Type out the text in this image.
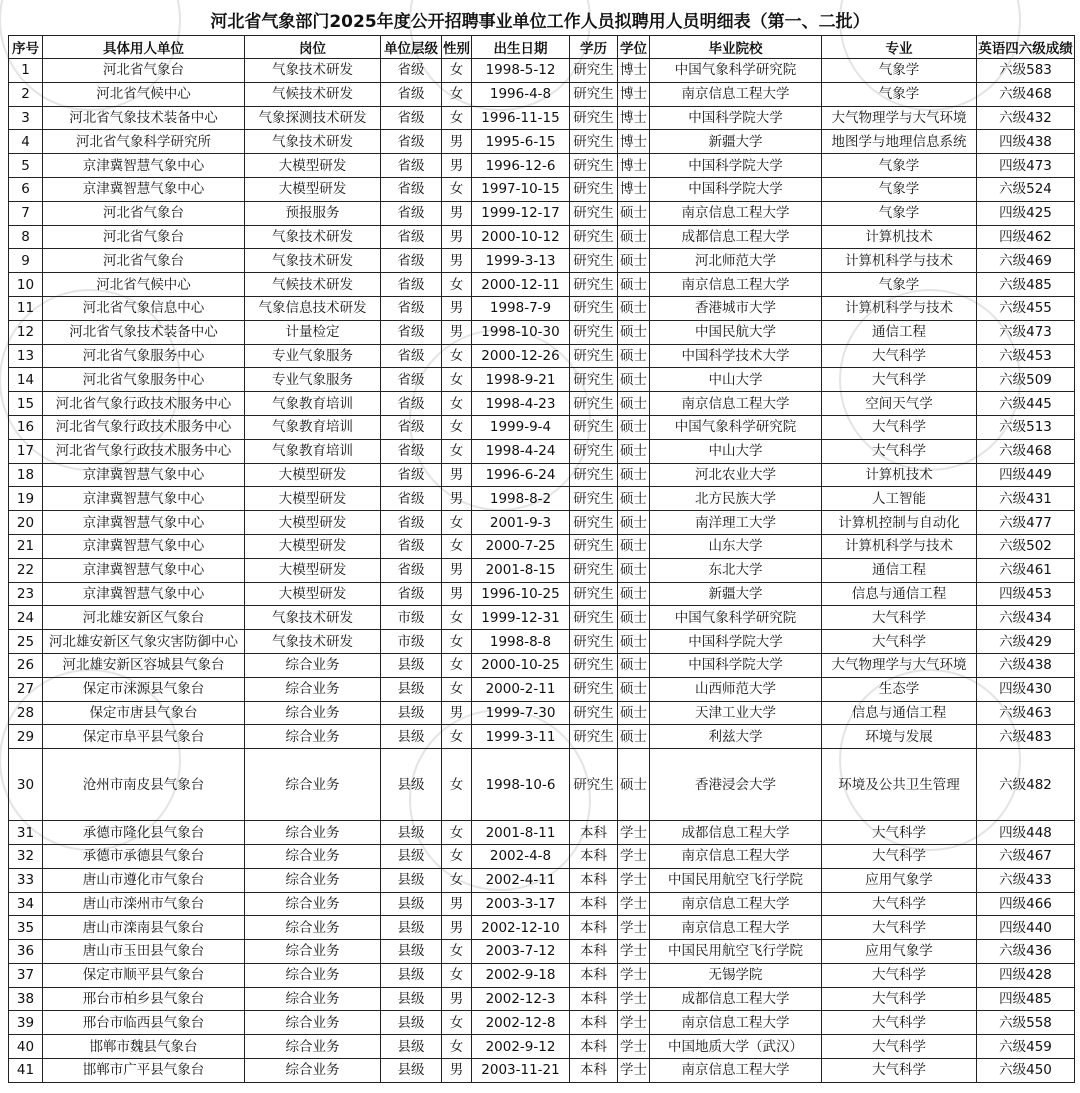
河北省气象部门2025年度公开招聘事业单位工作人员拟聘用人员明细表（第一、二批）
序号	具体用人单位	岗位	单位层级	性别	出生日期	学历	学位	毕业院校	专业	英语四六级成绩
1	河北省气象台	气象技术研发	省级	女	1998-5-12	研究生	博士	中国气象科学研究院	气象学	六级583
2	河北省气候中心	气候技术研发	省级	女	1996-4-8	研究生	博士	南京信息工程大学	气象学	六级468
3	河北省气象技术装备中心	气象探测技术研发	省级	女	1996-11-15	研究生	博士	中国科学院大学	大气物理学与大气环境	六级432
4	河北省气象科学研究所	气象技术研发	省级	男	1995-6-15	研究生	博士	新疆大学	地图学与地理信息系统	四级438
5	京津冀智慧气象中心	大模型研发	省级	男	1996-12-6	研究生	博士	中国科学院大学	气象学	四级473
6	京津冀智慧气象中心	大模型研发	省级	女	1997-10-15	研究生	博士	中国科学院大学	气象学	六级524
7	河北省气象台	预报服务	省级	男	1999-12-17	研究生	硕士	南京信息工程大学	气象学	四级425
8	河北省气象台	气象技术研发	省级	男	2000-10-12	研究生	硕士	成都信息工程大学	计算机技术	四级462
9	河北省气象台	气象技术研发	省级	男	1999-3-13	研究生	硕士	河北师范大学	计算机科学与技术	六级469
10	河北省气候中心	气候技术研发	省级	女	2000-12-11	研究生	硕士	南京信息工程大学	气象学	六级485
11	河北省气象信息中心	气象信息技术研发	省级	男	1998-7-9	研究生	硕士	香港城市大学	计算机科学与技术	六级455
12	河北省气象技术装备中心	计量检定	省级	男	1998-10-30	研究生	硕士	中国民航大学	通信工程	六级473
13	河北省气象服务中心	专业气象服务	省级	女	2000-12-26	研究生	硕士	中国科学技术大学	大气科学	六级453
14	河北省气象服务中心	专业气象服务	省级	女	1998-9-21	研究生	硕士	中山大学	大气科学	六级509
15	河北省气象行政技术服务中心	气象教育培训	省级	女	1998-4-23	研究生	硕士	南京信息工程大学	空间天气学	六级445
16	河北省气象行政技术服务中心	气象教育培训	省级	女	1999-9-4	研究生	硕士	中国气象科学研究院	大气科学	六级513
17	河北省气象行政技术服务中心	气象教育培训	省级	女	1998-4-24	研究生	硕士	中山大学	大气科学	六级468
18	京津冀智慧气象中心	大模型研发	省级	男	1996-6-24	研究生	硕士	河北农业大学	计算机技术	四级449
19	京津冀智慧气象中心	大模型研发	省级	男	1998-8-2	研究生	硕士	北方民族大学	人工智能	六级431
20	京津冀智慧气象中心	大模型研发	省级	女	2001-9-3	研究生	硕士	南洋理工大学	计算机控制与自动化	六级477
21	京津冀智慧气象中心	大模型研发	省级	女	2000-7-25	研究生	硕士	山东大学	计算机科学与技术	六级502
22	京津冀智慧气象中心	大模型研发	省级	男	2001-8-15	研究生	硕士	东北大学	通信工程	六级461
23	京津冀智慧气象中心	大模型研发	省级	男	1996-10-25	研究生	硕士	新疆大学	信息与通信工程	四级453
24	河北雄安新区气象台	气象技术研发	市级	女	1999-12-31	研究生	硕士	中国气象科学研究院	大气科学	六级434
25	河北雄安新区气象灾害防御中心	气象技术研发	市级	女	1998-8-8	研究生	硕士	中国科学院大学	大气科学	六级429
26	河北雄安新区容城县气象台	综合业务	县级	女	2000-10-25	研究生	硕士	中国科学院大学	大气物理学与大气环境	六级438
27	保定市涞源县气象台	综合业务	县级	女	2000-2-11	研究生	硕士	山西师范大学	生态学	四级430
28	保定市唐县气象台	综合业务	县级	男	1999-7-30	研究生	硕士	天津工业大学	信息与通信工程	六级463
29	保定市阜平县气象台	综合业务	县级	女	1999-3-11	研究生	硕士	利兹大学	环境与发展	六级483
30	沧州市南皮县气象台	综合业务	县级	女	1998-10-6	研究生	硕士	香港浸会大学	环境及公共卫生管理	六级482
31	承德市隆化县气象台	综合业务	县级	女	2001-8-11	本科	学士	成都信息工程大学	大气科学	四级448
32	承德市承德县气象台	综合业务	县级	女	2002-4-8	本科	学士	南京信息工程大学	大气科学	六级467
33	唐山市遵化市气象台	综合业务	县级	女	2002-4-11	本科	学士	中国民用航空飞行学院	应用气象学	六级433
34	唐山市滦州市气象台	综合业务	县级	男	2003-3-17	本科	学士	南京信息工程大学	大气科学	四级466
35	唐山市滦南县气象台	综合业务	县级	男	2002-12-10	本科	学士	南京信息工程大学	大气科学	四级440
36	唐山市玉田县气象台	综合业务	县级	女	2003-7-12	本科	学士	中国民用航空飞行学院	应用气象学	六级436
37	保定市顺平县气象台	综合业务	县级	女	2002-9-18	本科	学士	无锡学院	大气科学	四级428
38	邢台市柏乡县气象台	综合业务	县级	男	2002-12-3	本科	学士	成都信息工程大学	大气科学	四级485
39	邢台市临西县气象台	综合业务	县级	女	2002-12-8	本科	学士	南京信息工程大学	大气科学	六级558
40	邯郸市魏县气象台	综合业务	县级	女	2002-9-12	本科	学士	中国地质大学（武汉）	大气科学	六级459
41	邯郸市广平县气象台	综合业务	县级	男	2003-11-21	本科	学士	南京信息工程大学	大气科学	六级450
